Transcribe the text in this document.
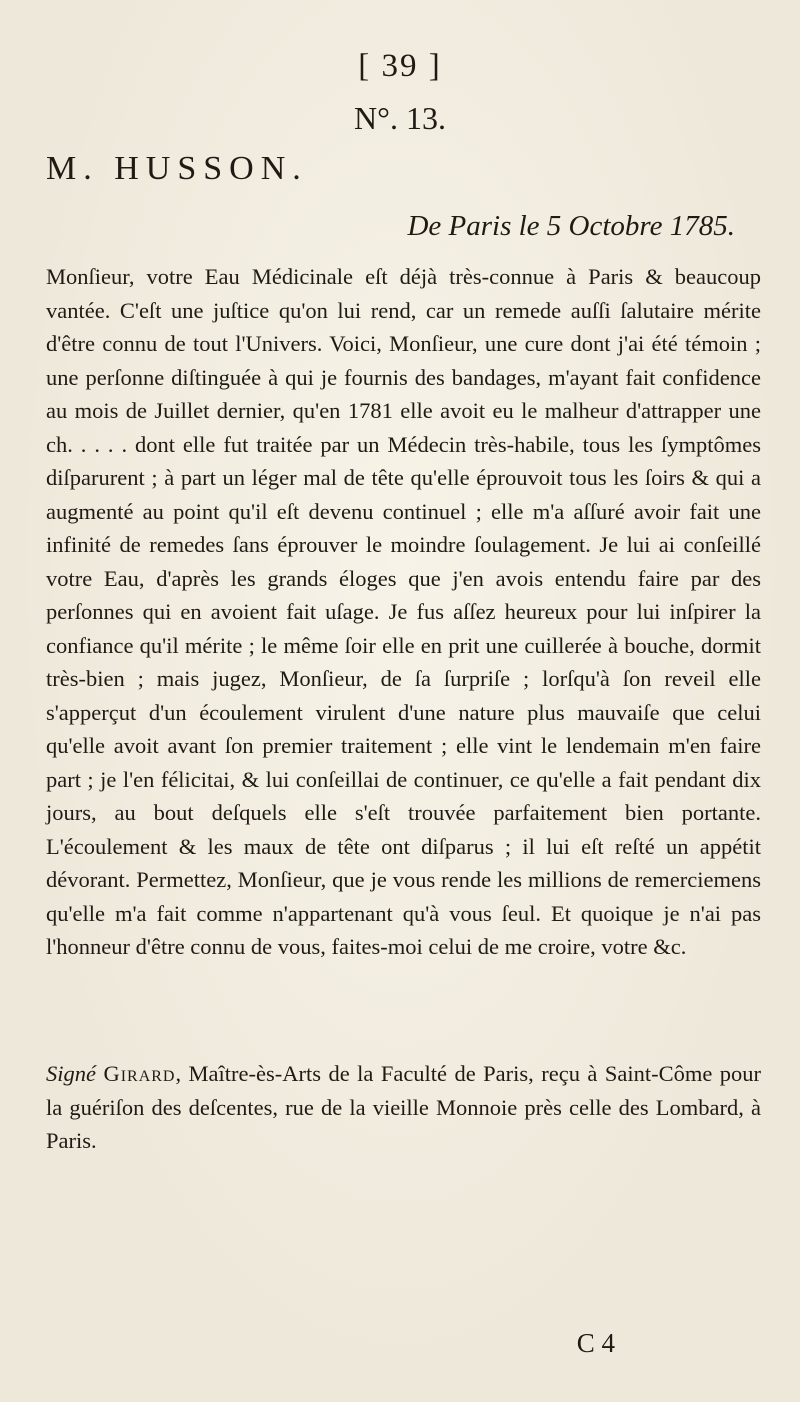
[ 39 ]
N°. 13.
M. HUSSON.
De Paris le 5 Octobre 1785.
Monſieur, votre Eau Médicinale eſt déjà très-connue à Paris & beaucoup vantée. C'eſt une juſtice qu'on lui rend, car un remede auſſi ſalutaire mérite d'être connu de tout l'Univers. Voici, Monſieur, une cure dont j'ai été témoin ; une perſonne diſtinguée à qui je fournis des bandages, m'ayant fait confidence au mois de Juillet dernier, qu'en 1781 elle avoit eu le malheur d'attrapper une ch. . . . . dont elle fut traitée par un Médecin très-habile, tous les ſymptômes diſparurent ; à part un léger mal de tête qu'elle éprouvoit tous les ſoirs & qui a augmenté au point qu'il eſt devenu continuel ; elle m'a aſſuré avoir fait une infinité de remedes ſans éprouver le moindre ſoulagement. Je lui ai conſeillé votre Eau, d'après les grands éloges que j'en avois entendu faire par des perſonnes qui en avoient fait uſage. Je fus aſſez heureux pour lui inſpirer la confiance qu'il mérite ; le même ſoir elle en prit une cuillerée à bouche, dormit très-bien ; mais jugez, Monſieur, de ſa ſurpriſe ; lorſqu'à ſon reveil elle s'apperçut d'un écoulement virulent d'une nature plus mauvaiſe que celui qu'elle avoit avant ſon premier traitement ; elle vint le lendemain m'en faire part ; je l'en félicitai, & lui conſeillai de continuer, ce qu'elle a fait pendant dix jours, au bout deſquels elle s'eſt trouvée parfaitement bien portante. L'écoulement & les maux de tête ont diſparus ; il lui eſt reſté un appétit dévorant. Permettez, Monſieur, que je vous rende les millions de remerciemens qu'elle m'a fait comme n'appartenant qu'à vous ſeul. Et quoique je n'ai pas l'honneur d'être connu de vous, faites-moi celui de me croire, votre &c.
Signé Girard, Maître-ès-Arts de la Faculté de Paris, reçu à Saint-Côme pour la guériſon des deſcentes, rue de la vieille Monnoie près celle des Lombard, à Paris.
C 4
